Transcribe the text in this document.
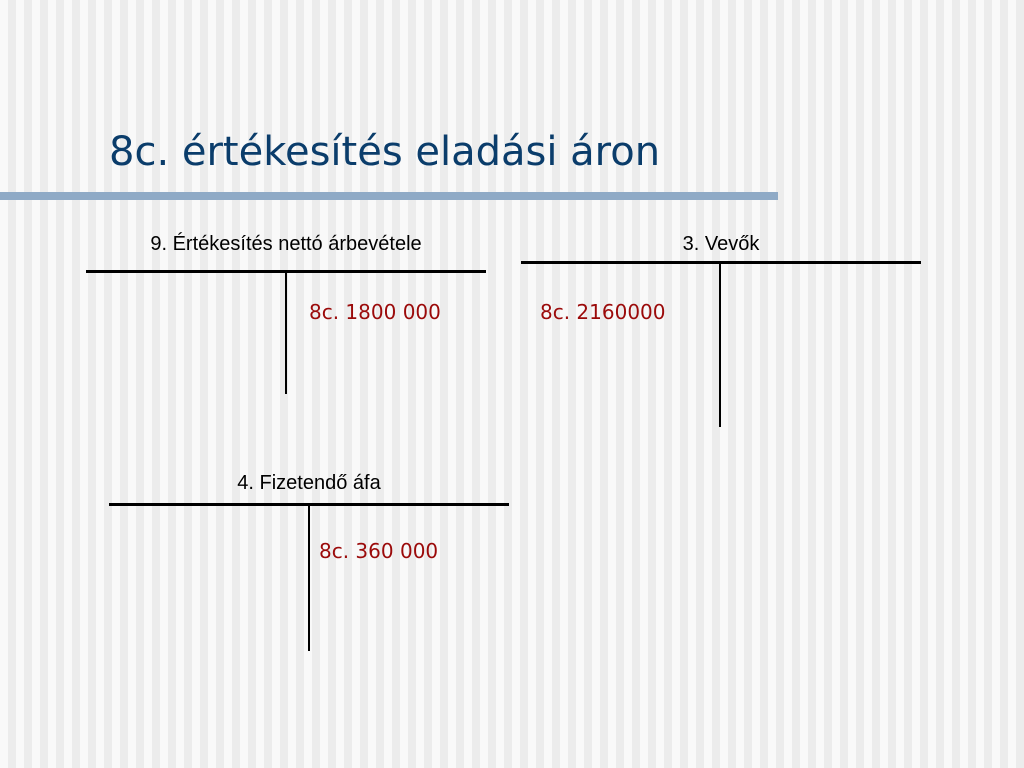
8c. értékesítés eladási áron
9. Értékesítés nettó árbevétele
8c. 1800 000
3. Vevők
8c. 2160000
4. Fizetendő áfa
8c. 360 000
